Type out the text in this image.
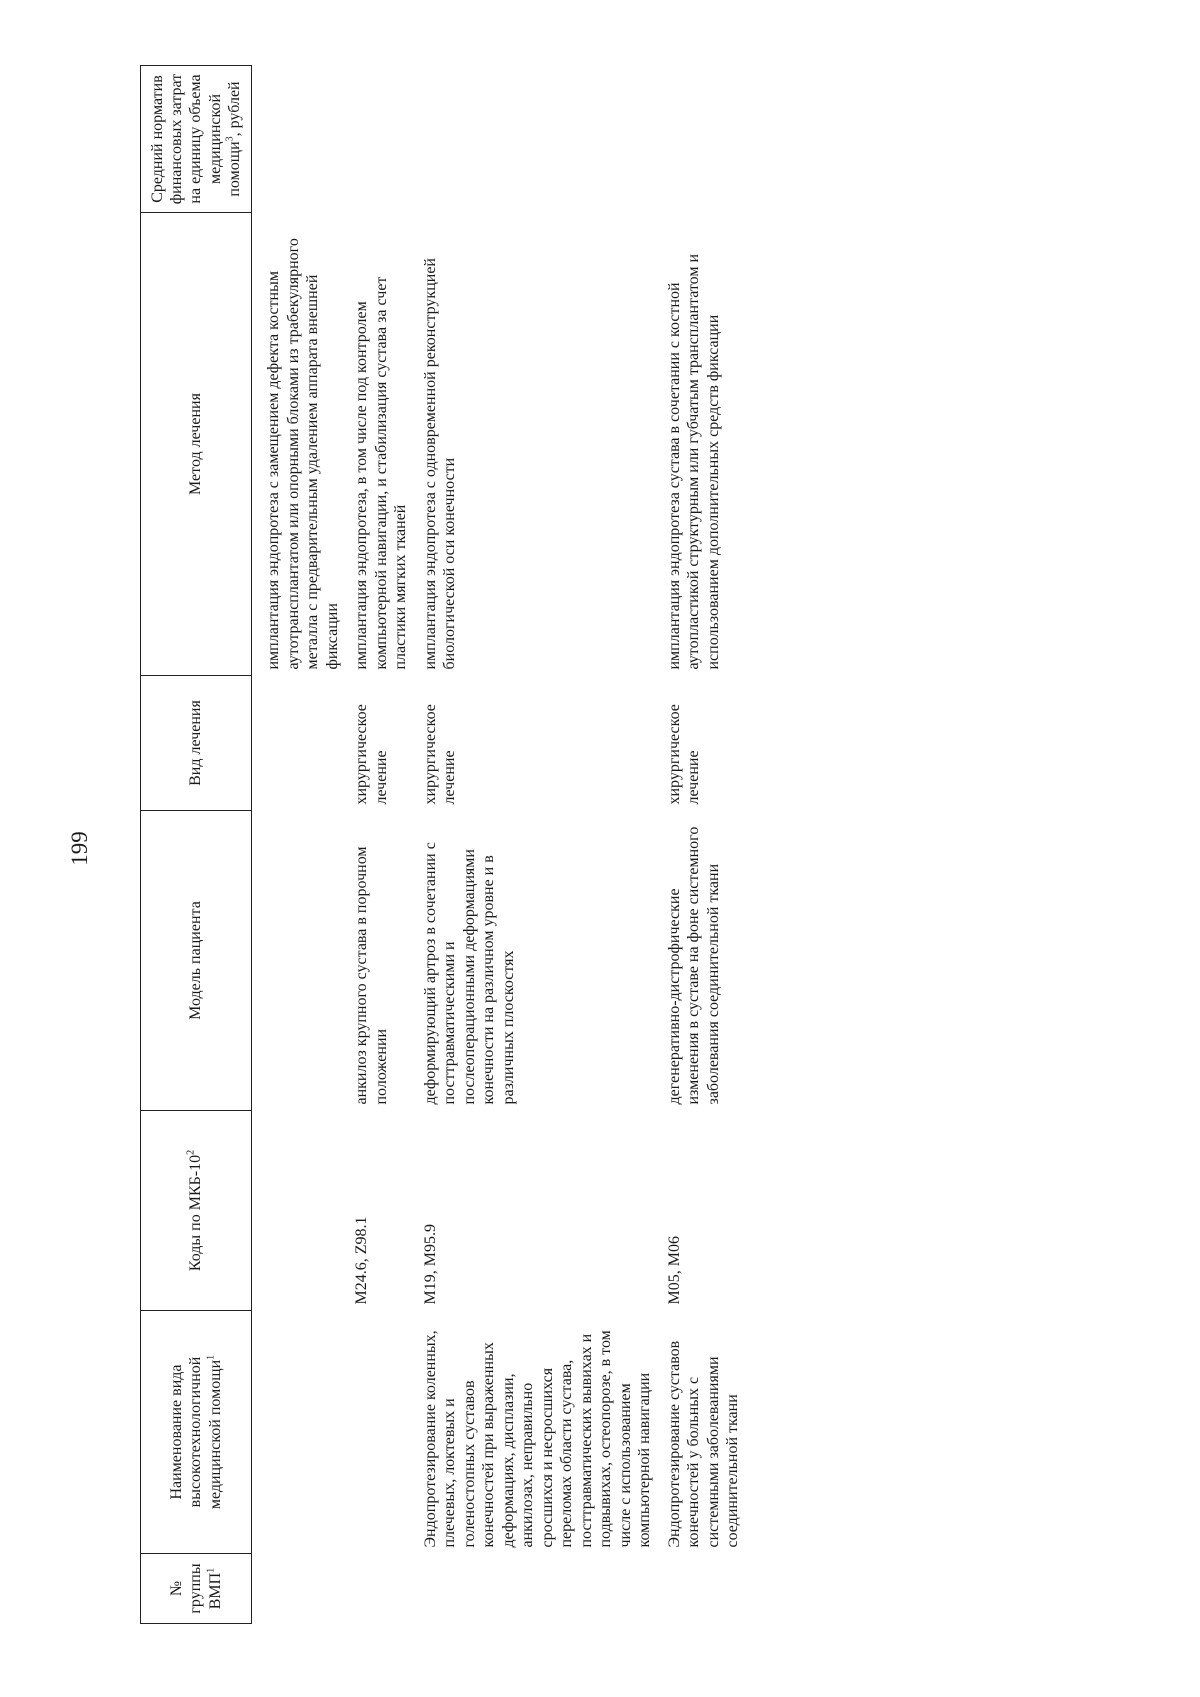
199
№ группы ВМП$^1$	Наименование вида высокотехнологичной медицинской помощи$^1$	Коды по МКБ-$10^2$	Модель пациента	Вид лечения	Метод лечения	Средний норматив финансовых затрат на единицу объема медицинской помощи$^3$, рублей
					имплантация эндопротеза с замещением дефекта костным аутотрансплантатом или опорными блоками из трабекулярного металла с предварительным удалением аппарата внешней фиксации	
		M24.6, Z98.1	анкилоз крупного сустава в порочном положении	хирургическое лечение	имплантация эндопротеза, в том числе под контролем компьютерной навигации, и стабилизация сустава за счет пластики мягких тканей	
	Эндопротезирование коленных, плечевых, локтевых и голеностопных суставов конечностей при выраженных деформациях, дисплазии, анкилозах, неправильно сросшихся и несросшихся переломах области сустава, посттравматических вывихах и подвывихах, остеопорозе, в том числе с использованием компьютерной навигации	M19, M95.9	деформирующий артроз в сочетании с посттравматическими и послеоперационными деформациями конечности на различном уровне и в различных плоскостях	хирургическое лечение	имплантация эндопротеза с одновременной реконструкцией биологической оси конечности	
	Эндопротезирование суставов конечностей у больных с системными заболеваниями соединительной ткани	M05, M06	дегенеративно-дистрофические изменения в суставе на фоне системного заболевания соединительной ткани	хирургическое лечение	имплантация эндопротеза сустава в сочетании с костной аутопластикой структурным или губчатым трансплантатом и использованием дополнительных средств фиксации	
